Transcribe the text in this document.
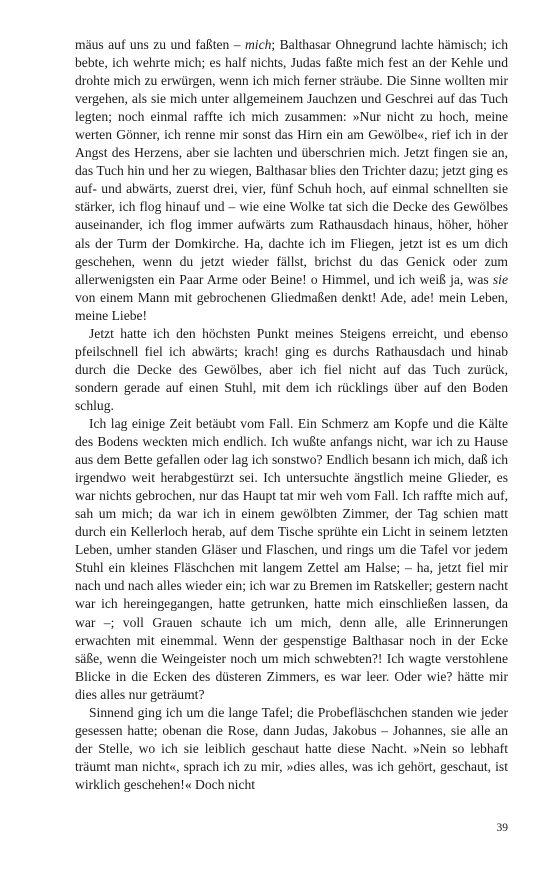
mäus auf uns zu und faßten – mich; Balthasar Ohnegrund lachte hämisch; ich bebte, ich wehrte mich; es half nichts, Judas faßte mich fest an der Kehle und drohte mich zu erwürgen, wenn ich mich ferner sträube. Die Sinne wollten mir vergehen, als sie mich unter allgemeinem Jauchzen und Geschrei auf das Tuch legten; noch einmal raffte ich mich zusammen: »Nur nicht zu hoch, meine werten Gönner, ich renne mir sonst das Hirn ein am Gewölbe«, rief ich in der Angst des Herzens, aber sie lachten und überschrien mich. Jetzt fingen sie an, das Tuch hin und her zu wiegen, Balthasar blies den Trichter dazu; jetzt ging es auf- und abwärts, zuerst drei, vier, fünf Schuh hoch, auf einmal schnellten sie stärker, ich flog hinauf und – wie eine Wolke tat sich die Decke des Gewölbes auseinander, ich flog immer aufwärts zum Rathausdach hinaus, höher, höher als der Turm der Domkirche. Ha, dachte ich im Fliegen, jetzt ist es um dich geschehen, wenn du jetzt wieder fällst, brichst du das Genick oder zum allerwenigsten ein Paar Arme oder Beine! o Himmel, und ich weiß ja, was sie von einem Mann mit gebrochenen Gliedmaßen denkt! Ade, ade! mein Leben, meine Liebe!

Jetzt hatte ich den höchsten Punkt meines Steigens erreicht, und ebenso pfeilschnell fiel ich abwärts; krach! ging es durchs Rathausdach und hinab durch die Decke des Gewölbes, aber ich fiel nicht auf das Tuch zurück, sondern gerade auf einen Stuhl, mit dem ich rücklings über auf den Boden schlug.

Ich lag einige Zeit betäubt vom Fall. Ein Schmerz am Kopfe und die Kälte des Bodens weckten mich endlich. Ich wußte anfangs nicht, war ich zu Hause aus dem Bette gefallen oder lag ich sonstwo? Endlich besann ich mich, daß ich irgendwo weit herabgestürzt sei. Ich untersuchte ängstlich meine Glieder, es war nichts gebrochen, nur das Haupt tat mir weh vom Fall. Ich raffte mich auf, sah um mich; da war ich in einem gewölbten Zimmer, der Tag schien matt durch ein Kellerloch herab, auf dem Tische sprühte ein Licht in seinem letzten Leben, umher standen Gläser und Flaschen, und rings um die Tafel vor jedem Stuhl ein kleines Fläschchen mit langem Zettel am Halse; – ha, jetzt fiel mir nach und nach alles wieder ein; ich war zu Bremen im Ratskeller; gestern nacht war ich hereingegangen, hatte getrunken, hatte mich einschließen lassen, da war –; voll Grauen schaute ich um mich, denn alle, alle Erinnerungen erwachten mit einemmal. Wenn der gespenstige Balthasar noch in der Ecke säße, wenn die Weingeister noch um mich schwebten?! Ich wagte verstohlene Blicke in die Ecken des düsteren Zimmers, es war leer. Oder wie? hätte mir dies alles nur geträumt?

Sinnend ging ich um die lange Tafel; die Probefläschchen standen wie jeder gesessen hatte; obenan die Rose, dann Judas, Jakobus – Johannes, sie alle an der Stelle, wo ich sie leiblich geschaut hatte diese Nacht. »Nein so lebhaft träumt man nicht«, sprach ich zu mir, »dies alles, was ich gehört, geschaut, ist wirklich geschehen!« Doch nicht

39
